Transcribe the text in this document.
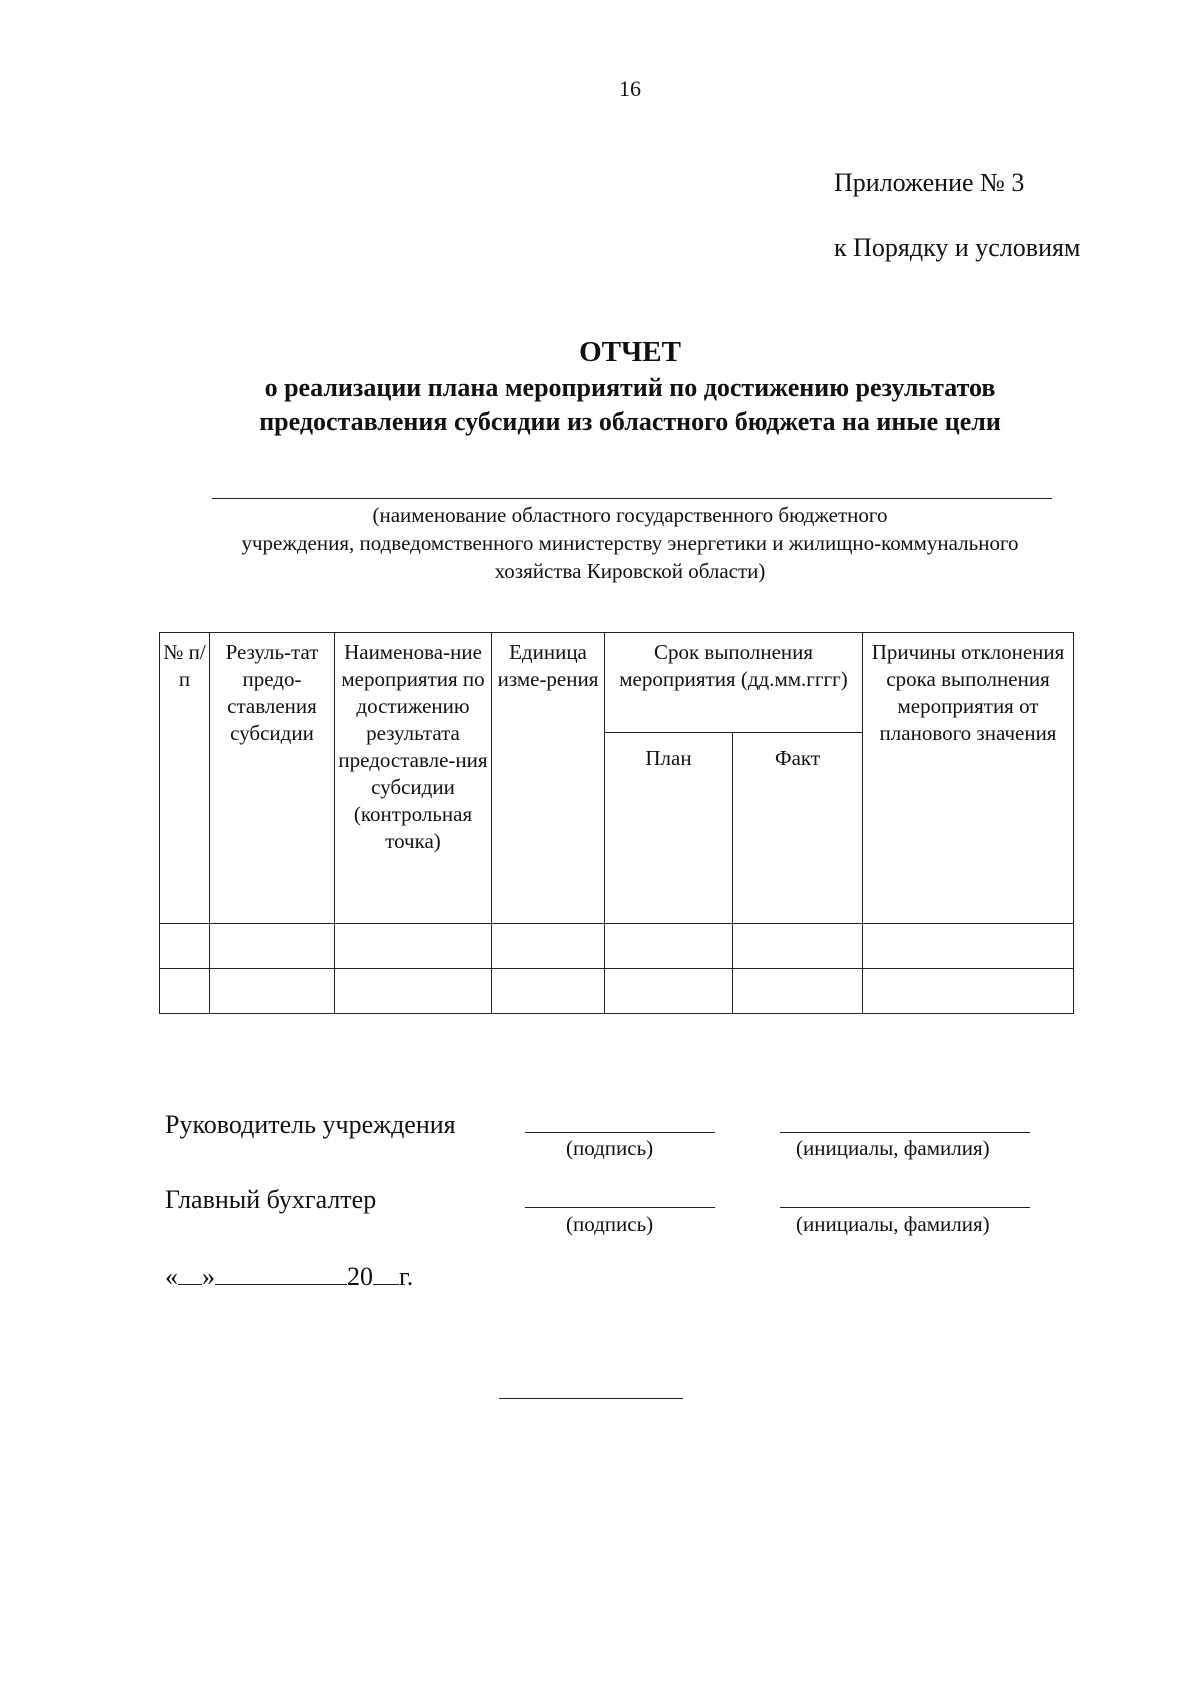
16
Приложение № 3
к Порядку и условиям
ОТЧЕТ
о реализации плана мероприятий по достижению результатов
предоставления субсидии из областного бюджета на иные цели
(наименование областного государственного бюджетного
учреждения, подведомственного министерству энергетики и жилищно-коммунального
хозяйства Кировской области)
№ п/п	Резуль-тат предо-ставления субсидии	Наименова-ние мероприятия по достижению результата предоставле-ния субсидии (контрольная точка)	Единица изме-рения	Срок выполнения мероприятия (дд.мм.гггг)		Причины отклонения срока выполнения мероприятия от планового значения
				План	Факт	

Руководитель учреждения
(подпись)	(инициалы, фамилия)
Главный бухгалтер
(подпись)	(инициалы, фамилия)
« »	20 г.
